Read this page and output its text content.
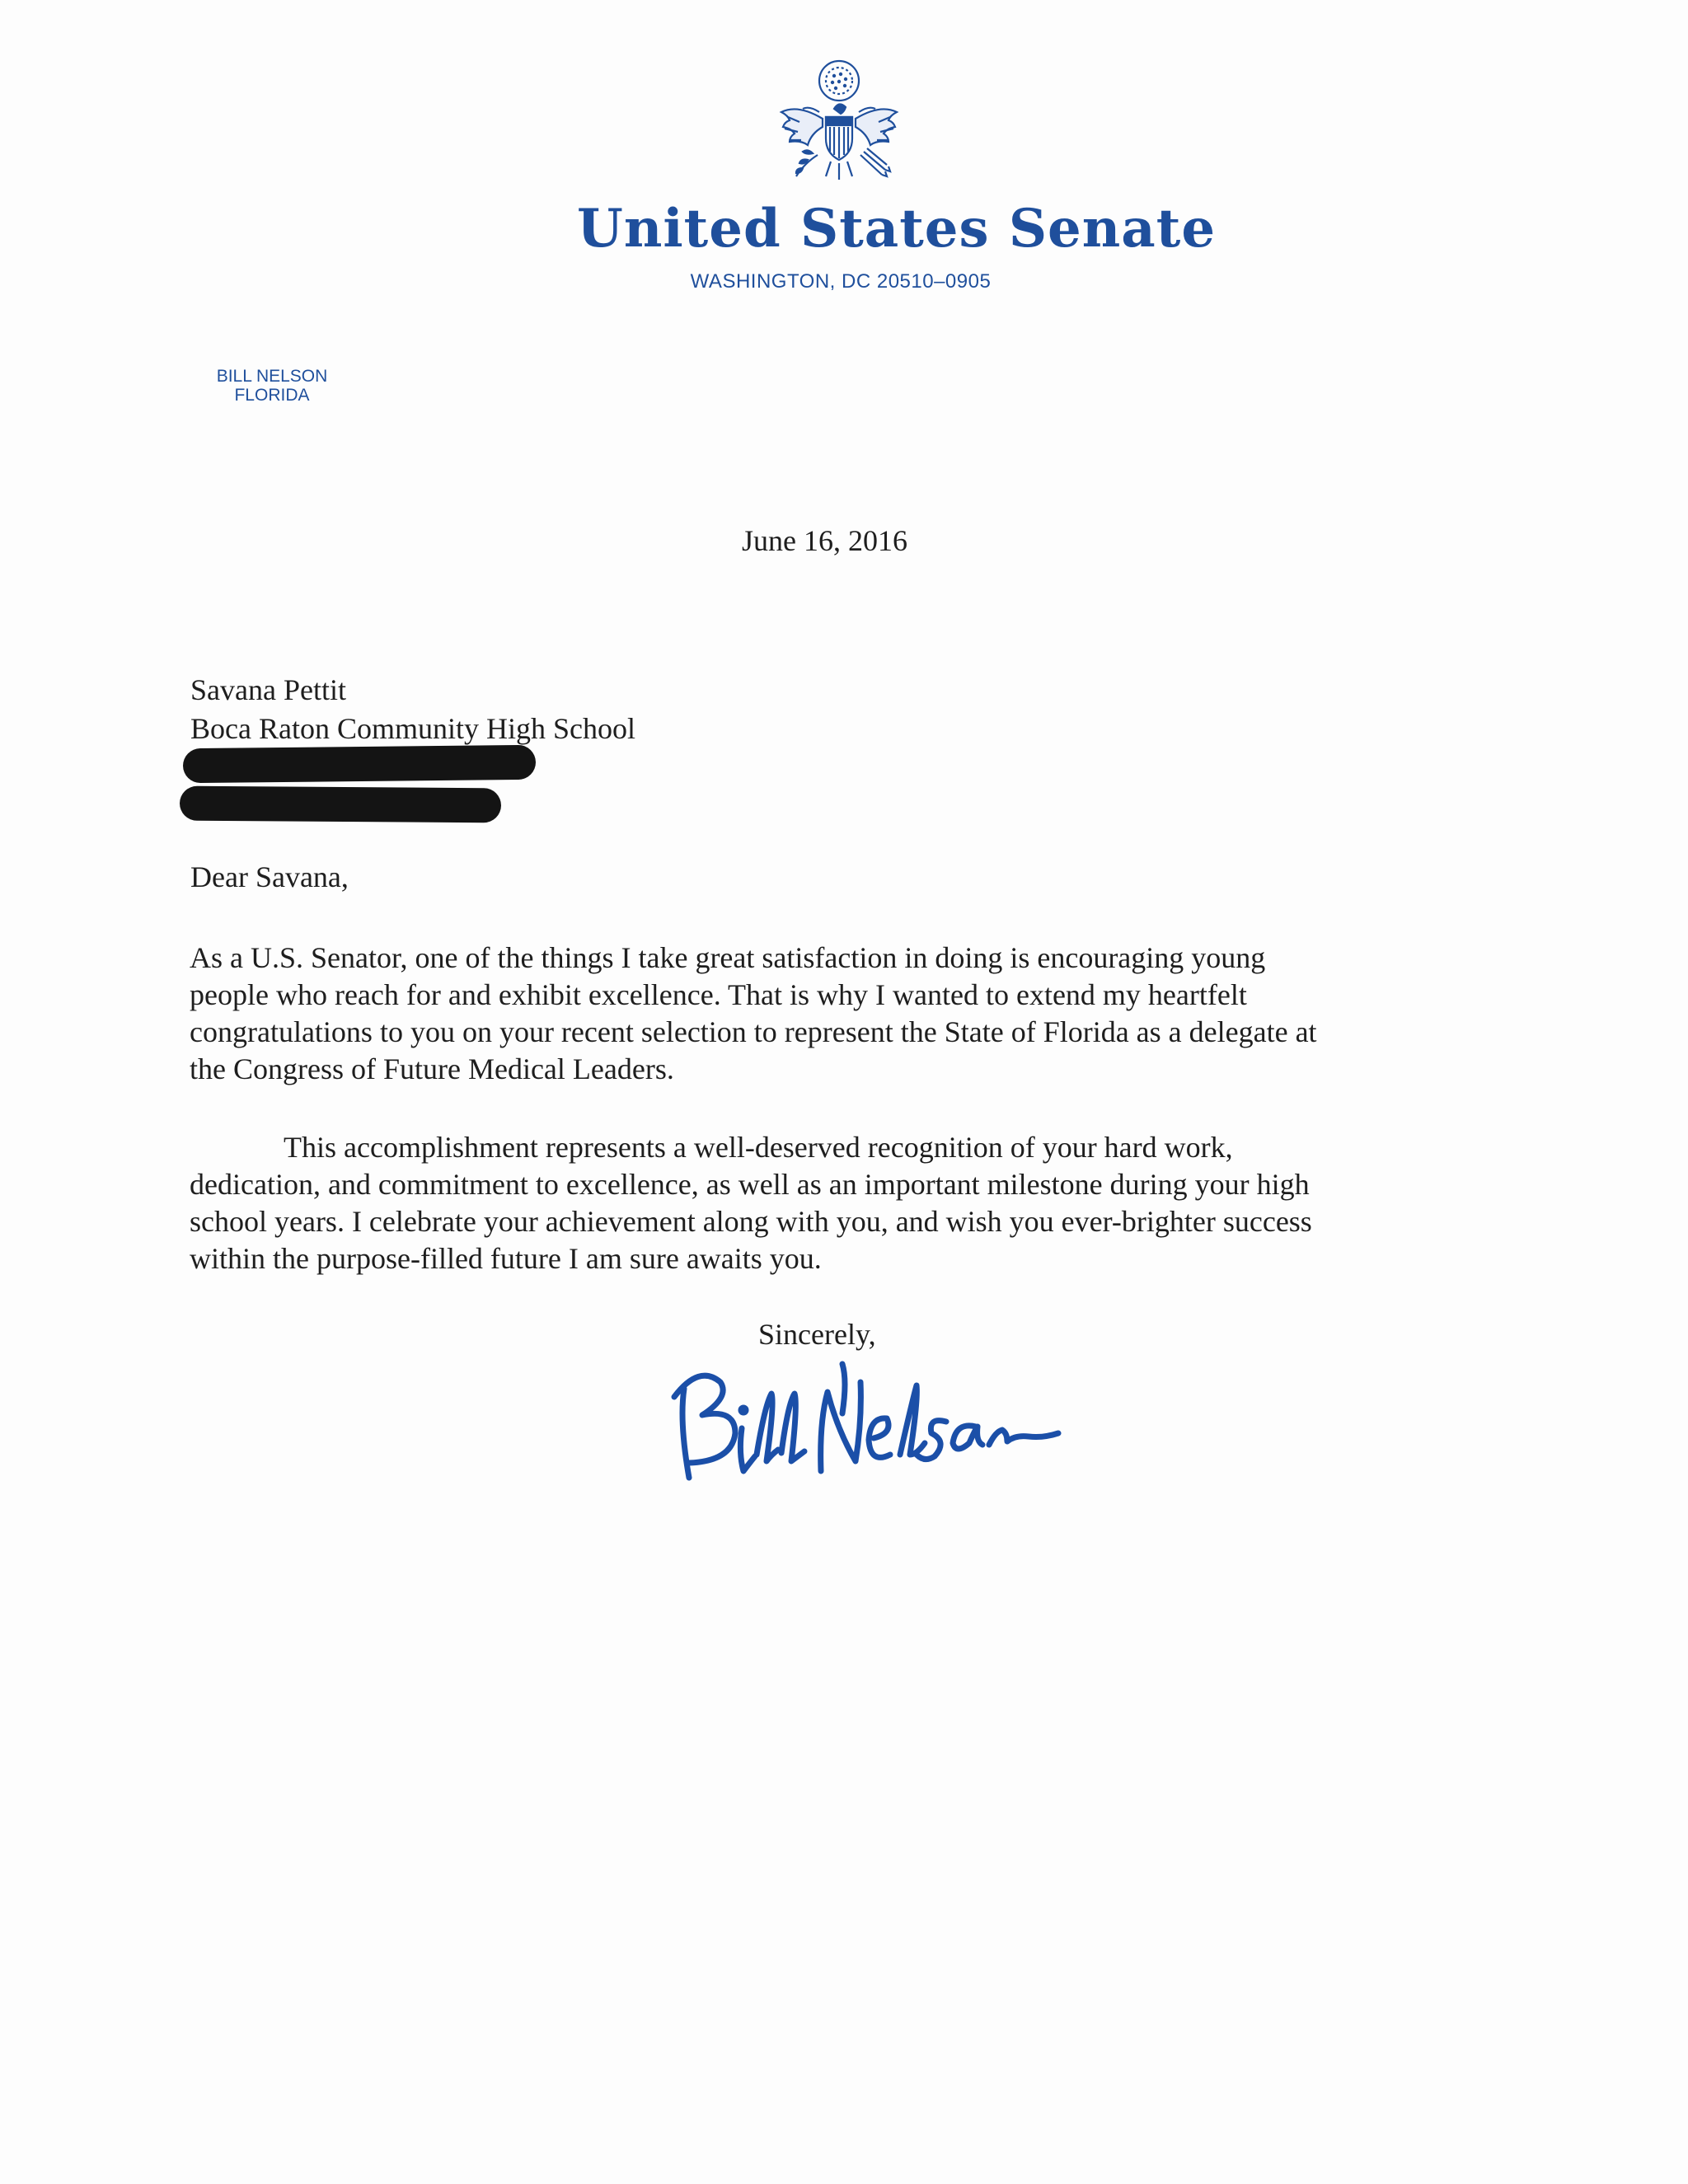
United States Senate
WASHINGTON, DC 20510–0905
BILL NELSON
FLORIDA
June 16, 2016
Savana Pettit
Boca Raton Community High School
Dear Savana,
As a U.S. Senator, one of the things I take great satisfaction in doing is encouraging young
people who reach for and exhibit excellence. That is why I wanted to extend my heartfelt
congratulations to you on your recent selection to represent the State of Florida as a delegate at
the Congress of Future Medical Leaders.
This accomplishment represents a well-deserved recognition of your hard work,
dedication, and commitment to excellence, as well as an important milestone during your high
school years. I celebrate your achievement along with you, and wish you ever-brighter success
within the purpose-filled future I am sure awaits you.
Sincerely,
